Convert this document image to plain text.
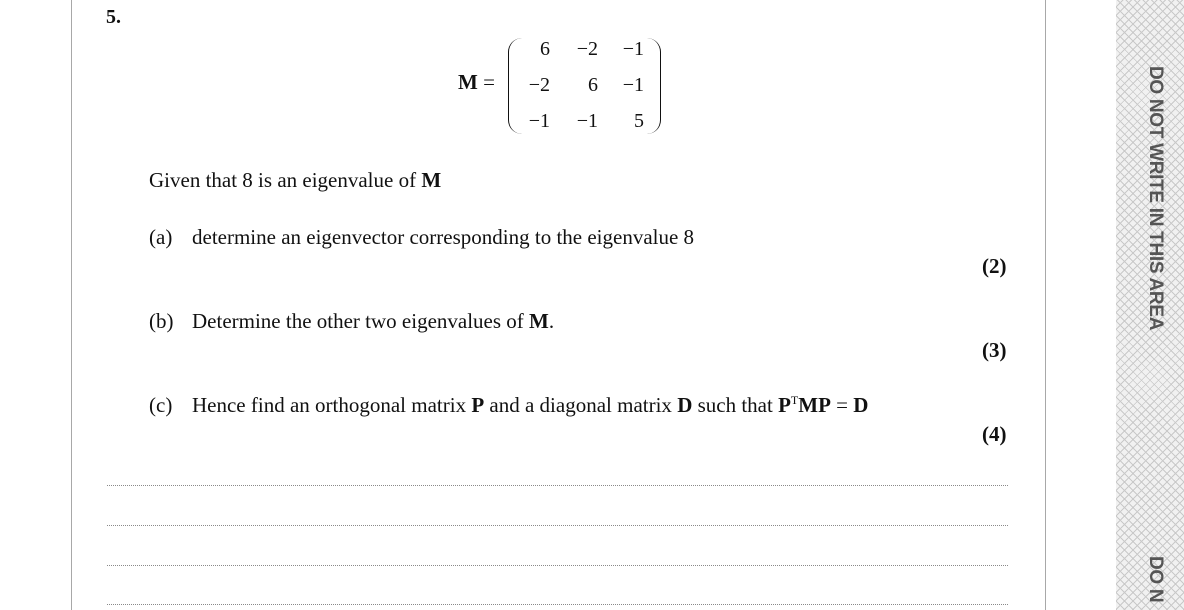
DO NOT WRITE IN THIS AREA
DO N
5.
M =
6	−2	−1
−2	6	−1
−1	−1	5
Given that 8 is an eigenvalue of M
(a) determine an eigenvector corresponding to the eigenvalue 8
(2)
(b) Determine the other two eigenvalues of M.
(3)
(c) Hence find an orthogonal matrix P and a diagonal matrix D such that $P^TMP = D$
(4)
